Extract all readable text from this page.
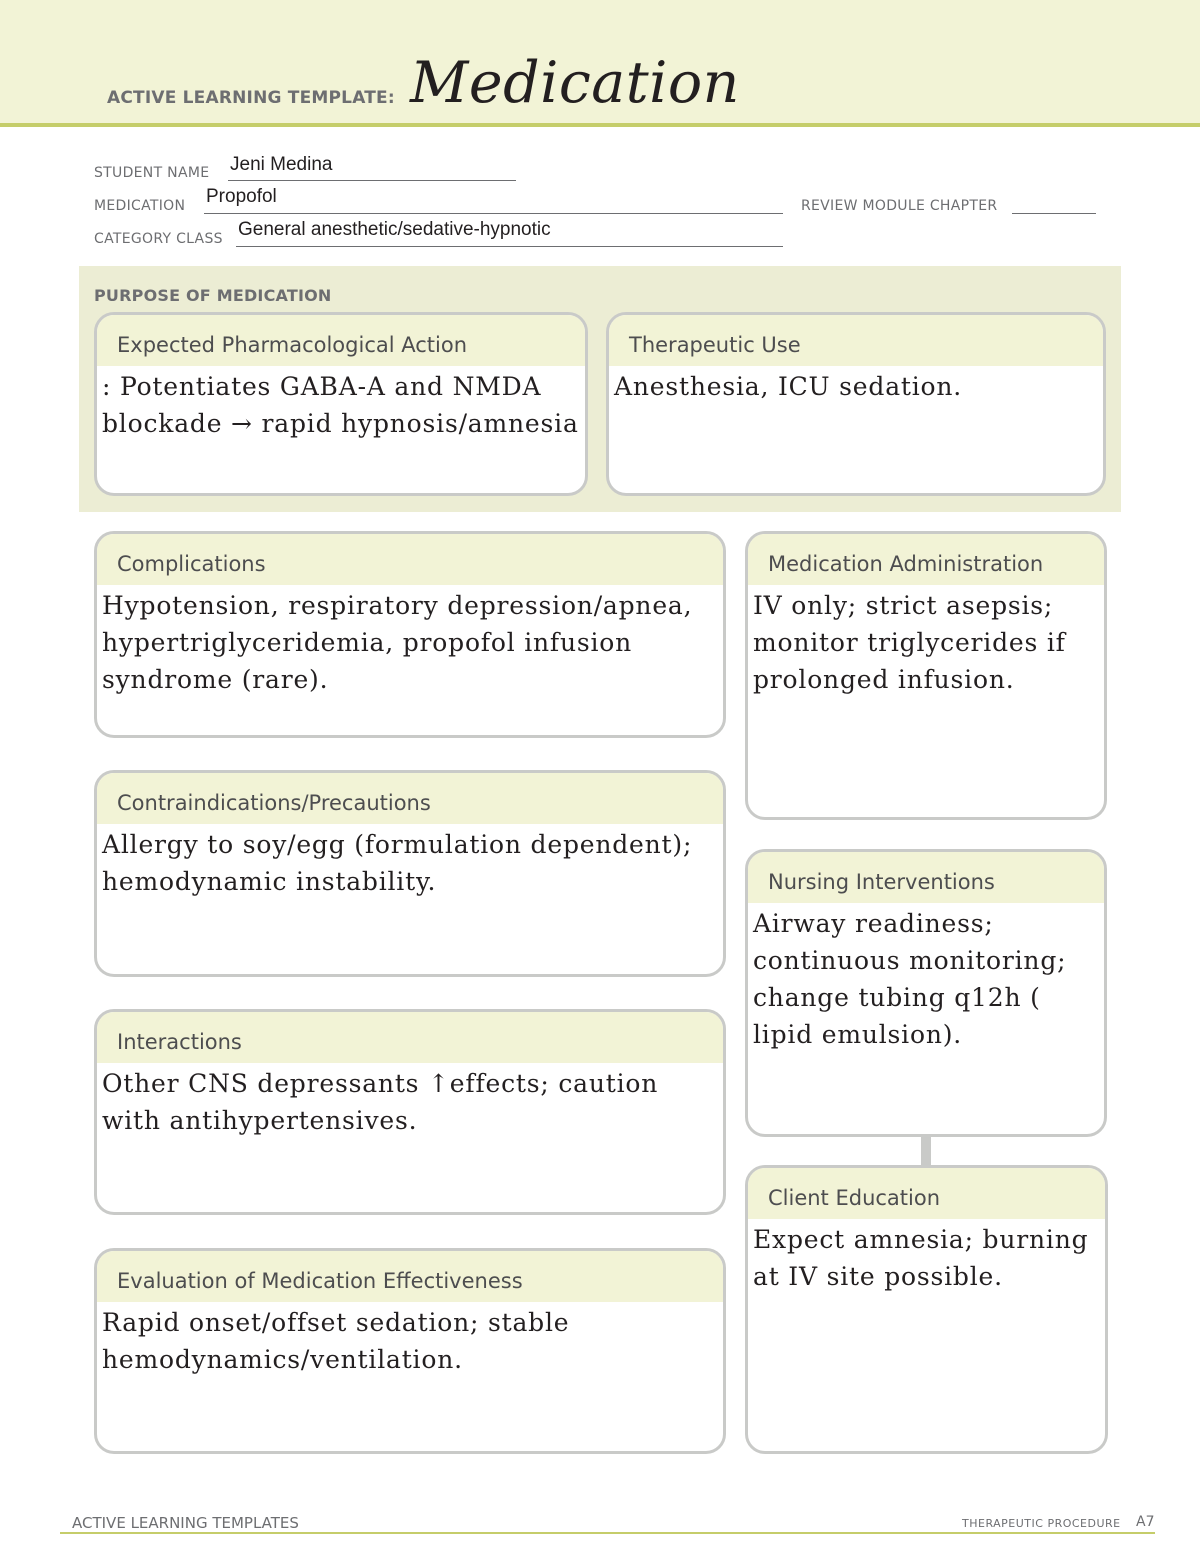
ACTIVE LEARNING TEMPLATE: Medication
STUDENT NAME Jeni Medina
MEDICATION Propofol	REVIEW MODULE CHAPTER
CATEGORY CLASS General anesthetic/sedative-hypnotic
PURPOSE OF MEDICATION
Expected Pharmacological Action
: Potentiates GABA-A and NMDA blockade → rapid hypnosis/amnesia
Therapeutic Use
Anesthesia, ICU sedation.
Complications
Hypotension, respiratory depression/apnea, hypertriglyceridemia, propofol infusion syndrome (rare).
Contraindications/Precautions
Allergy to soy/egg (formulation dependent); hemodynamic instability.
Interactions
Other CNS depressants ↑effects; caution with antihypertensives.
Evaluation of Medication Effectiveness
Rapid onset/offset sedation; stable hemodynamics/ventilation.
Medication Administration
IV only; strict asepsis; monitor triglycerides if prolonged infusion.
Nursing Interventions
Airway readiness; continuous monitoring; change tubing q12h ( lipid emulsion).
Client Education
Expect amnesia; burning at IV site possible.
ACTIVE LEARNING TEMPLATES	THERAPEUTIC PROCEDURE A7
